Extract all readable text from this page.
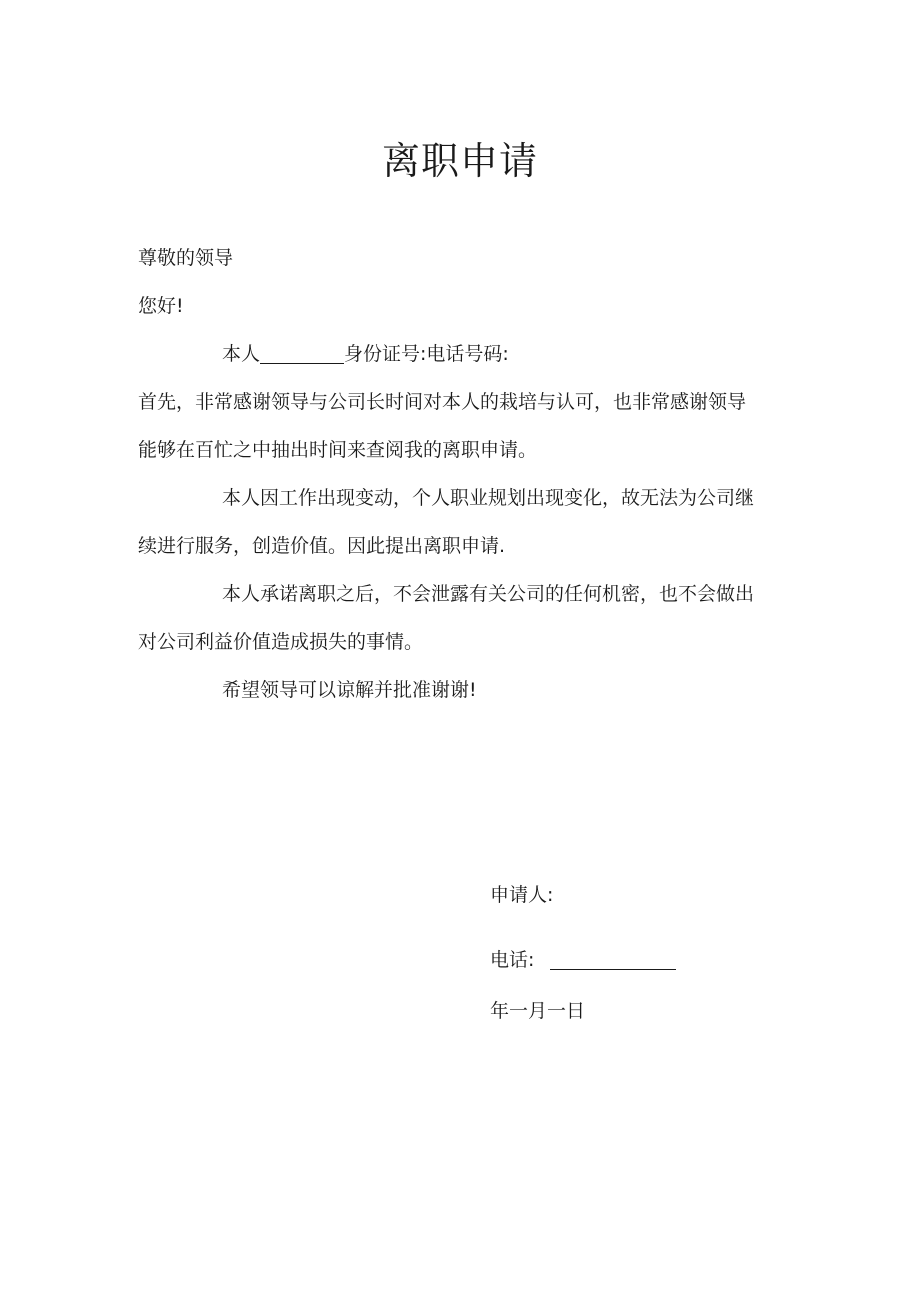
离职申请
尊敬的领导
您好!
本人	身份证号:电话号码:
首先，非常感谢领导与公司长时间对本人的栽培与认可，也非常感谢领导
能够在百忙之中抽出时间来查阅我的离职申请。
本人因工作出现变动，个人职业规划出现变化，故无法为公司继
续进行服务，创造价值。因此提出离职申请.
本人承诺离职之后，不会泄露有关公司的任何机密，也不会做出
对公司利益价值造成损失的事情。
希望领导可以谅解并批准谢谢!
申请人:
电话:
年一月一日
